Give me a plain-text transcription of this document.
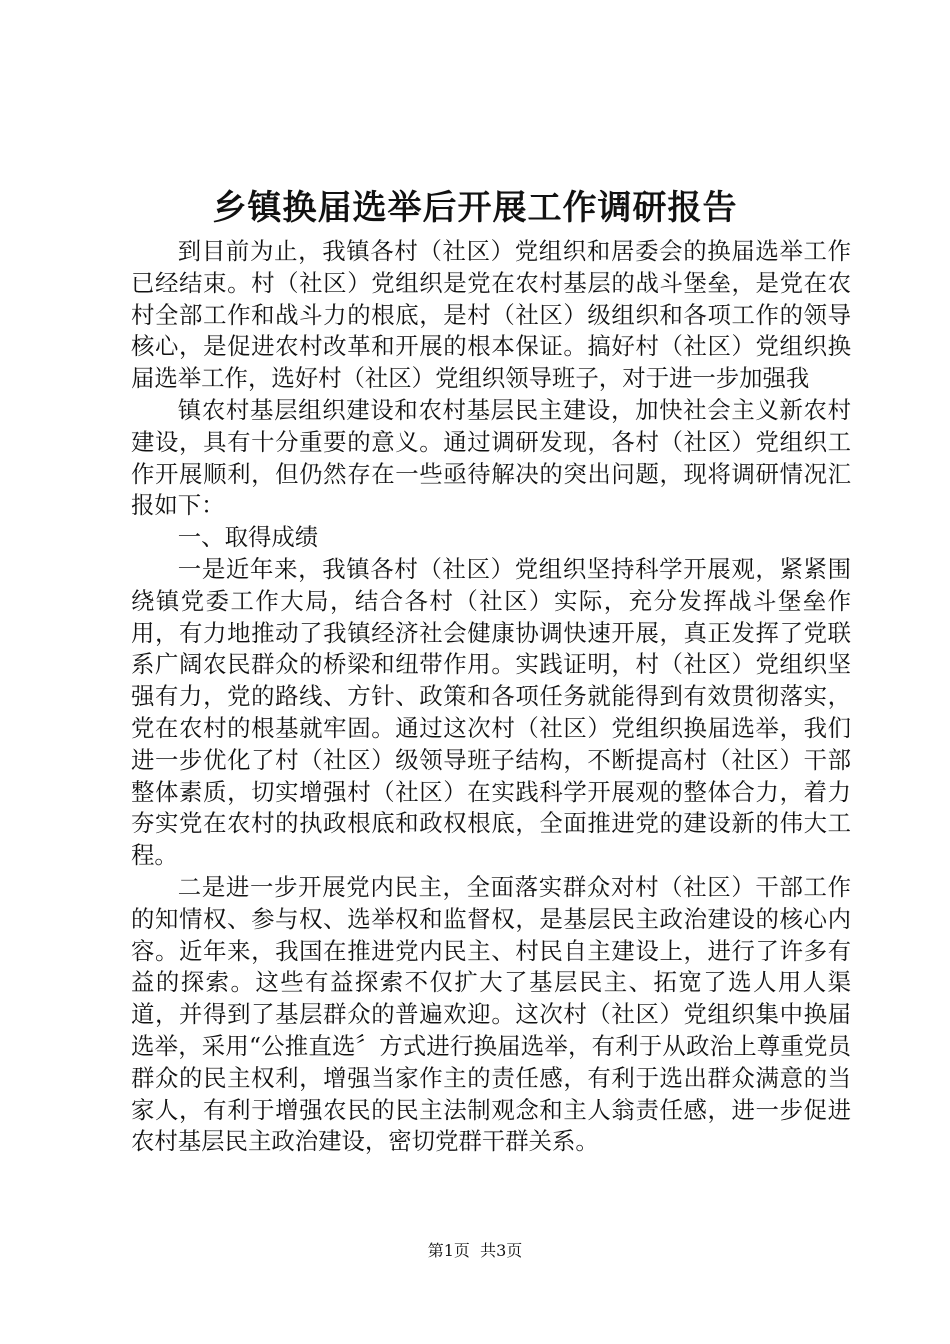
乡镇换届选举后开展工作调研报告

到目前为止，我镇各村（社区）党组织和居委会的换届选举工作已经结束。村（社区）党组织是党在农村基层的战斗堡垒，是党在农村全部工作和战斗力的根底，是村（社区）级组织和各项工作的领导核心，是促进农村改革和开展的根本保证。搞好村（社区）党组织换届选举工作，选好村（社区）党组织领导班子，对于进一步加强我

镇农村基层组织建设和农村基层民主建设，加快社会主义新农村建设，具有十分重要的意义。通过调研发现，各村（社区）党组织工作开展顺利，但仍然存在一些亟待解决的突出问题，现将调研情况汇报如下：

一、取得成绩

一是近年来，我镇各村（社区）党组织坚持科学开展观，紧紧围绕镇党委工作大局，结合各村（社区）实际，充分发挥战斗堡垒作用，有力地推动了我镇经济社会健康协调快速开展，真正发挥了党联系广阔农民群众的桥梁和纽带作用。实践证明，村（社区）党组织坚强有力，党的路线、方针、政策和各项任务就能得到有效贯彻落实，党在农村的根基就牢固。通过这次村（社区）党组织换届选举，我们进一步优化了村（社区）级领导班子结构，不断提高村（社区）干部整体素质，切实增强村（社区）在实践科学开展观的整体合力，着力夯实党在农村的执政根底和政权根底，全面推进党的建设新的伟大工程。

二是进一步开展党内民主，全面落实群众对村（社区）干部工作的知情权、参与权、选举权和监督权，是基层民主政治建设的核心内容。近年来，我国在推进党内民主、村民自主建设上，进行了许多有益的探索。这些有益探索不仅扩大了基层民主、拓宽了选人用人渠道，并得到了基层群众的普遍欢迎。这次村（社区）党组织集中换届选举，采用“公推直选〞方式进行换届选举，有利于从政治上尊重党员群众的民主权利，增强当家作主的责任感，有利于选出群众满意的当家人，有利于增强农民的民主法制观念和主人翁责任感，进一步促进农村基层民主政治建设，密切党群干群关系。

第1页  共3页
